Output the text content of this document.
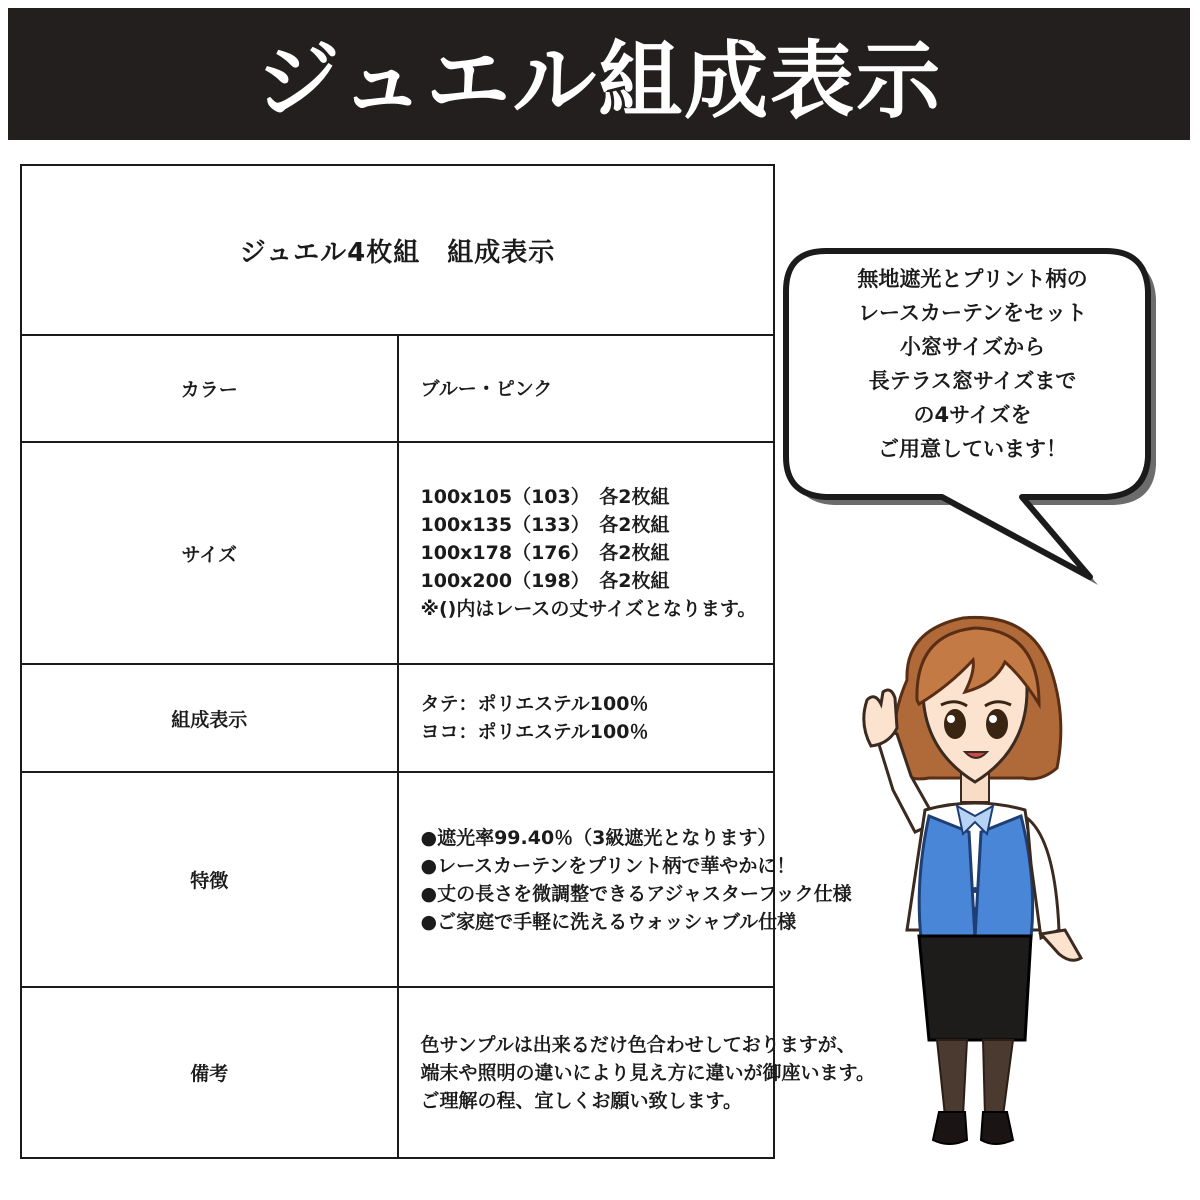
ジュエル組成表示
ジュエル4枚組　組成表示	
カラー	ブルー・ピンク

サイズ	100x105（103）　各2枚組
100x135（133）　各2枚組
100x178（176）　各2枚組
100x200（198）　各2枚組
※()内はレースの丈サイズとなります。

組成表示	タテ：ポリエステル100％
ヨコ：ポリエステル100％

特徴	●遮光率99.40％（3級遮光となります）
●レースカーテンをプリント柄で華やかに！
●丈の長さを微調整できるアジャスターフック仕様
●ご家庭で手軽に洗えるウォッシャブル仕様

備考	色サンプルは出来るだけ色合わせしておりますが、
端末や照明の違いにより見え方に違いが御座います。
ご理解の程、宜しくお願い致します。
無地遮光とプリント柄の
レースカーテンをセット
小窓サイズから
長テラス窓サイズまで
の4サイズを
ご用意しています！
